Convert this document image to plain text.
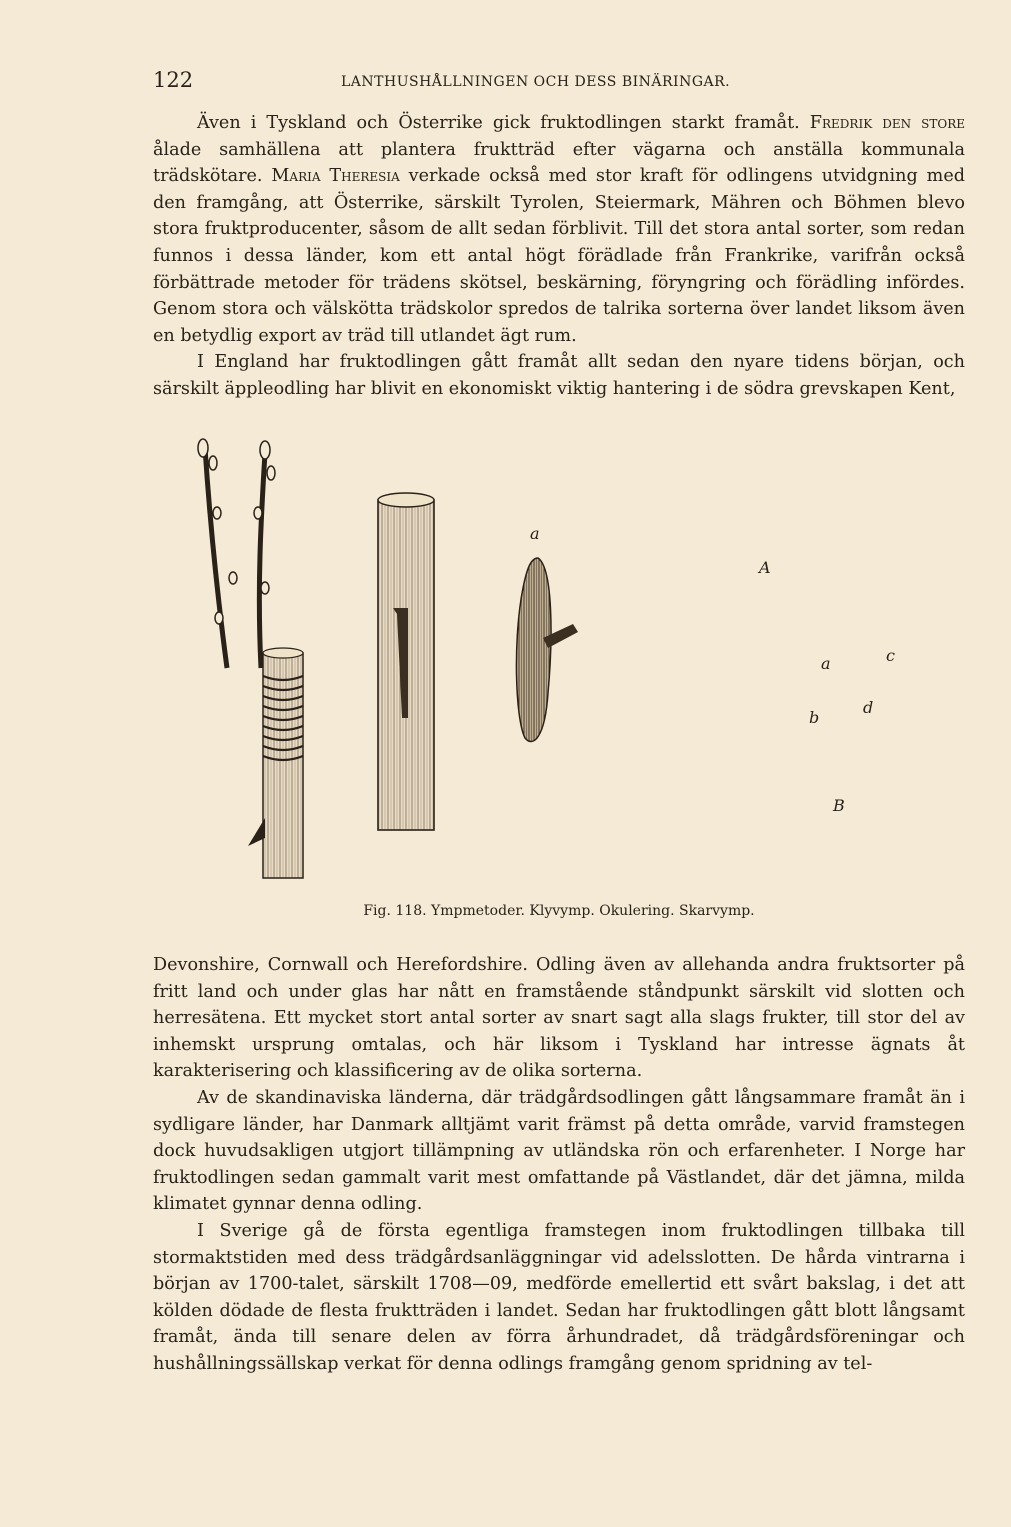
122	LANTHUSHÅLLNINGEN OCH DESS BINÄRINGAR.

Även i Tyskland och Österrike gick fruktodlingen starkt framåt. Fredrik den store ålade samhällena att plantera fruktträd efter vägarna och anställa kommunala trädskötare. Maria Theresia verkade också med stor kraft för odlingens utvidgning med den framgång, att Österrike, särskilt Tyrolen, Steiermark, Mähren och Böhmen blevo stora fruktproducenter, såsom de allt sedan förblivit. Till det stora antal sorter, som redan funnos i dessa länder, kom ett antal högt förädlade från Frankrike, varifrån också förbättrade metoder för trädens skötsel, beskärning, föryngring och förädling infördes. Genom stora och välskötta trädskolor spredos de talrika sorterna över landet liksom även en betydlig export av träd till utlandet ägt rum.

I England har fruktodlingen gått framåt allt sedan den nyare tidens början, och särskilt äppleodling har blivit en ekonomiskt viktig hantering i de södra grevskapen Kent,

a
A
a
b
c
d
B
Fig. 118. Ympmetoder. Klyvymp. Okulering. Skarvymp.

Devonshire, Cornwall och Herefordshire. Odling även av allehanda andra fruktsorter på fritt land och under glas har nått en framstående ståndpunkt särskilt vid slotten och herresätena. Ett mycket stort antal sorter av snart sagt alla slags frukter, till stor del av inhemskt ursprung omtalas, och här liksom i Tyskland har intresse ägnats åt karakterisering och klassificering av de olika sorterna.

Av de skandinaviska länderna, där trädgårdsodlingen gått långsammare framåt än i sydligare länder, har Danmark alltjämt varit främst på detta område, varvid framstegen dock huvudsakligen utgjort tillämpning av utländska rön och erfarenheter. I Norge har fruktodlingen sedan gammalt varit mest omfattande på Västlandet, där det jämna, milda klimatet gynnar denna odling.

I Sverige gå de första egentliga framstegen inom fruktodlingen tillbaka till stormaktstiden med dess trädgårdsanläggningar vid adelsslotten. De hårda vintrarna i början av 1700-talet, särskilt 1708—09, medförde emellertid ett svårt bakslag, i det att kölden dödade de flesta fruktträden i landet. Sedan har fruktodlingen gått blott långsamt framåt, ända till senare delen av förra århundradet, då trädgårdsföreningar och hushållningssällskap verkat för denna odlings framgång genom spridning av tel-
